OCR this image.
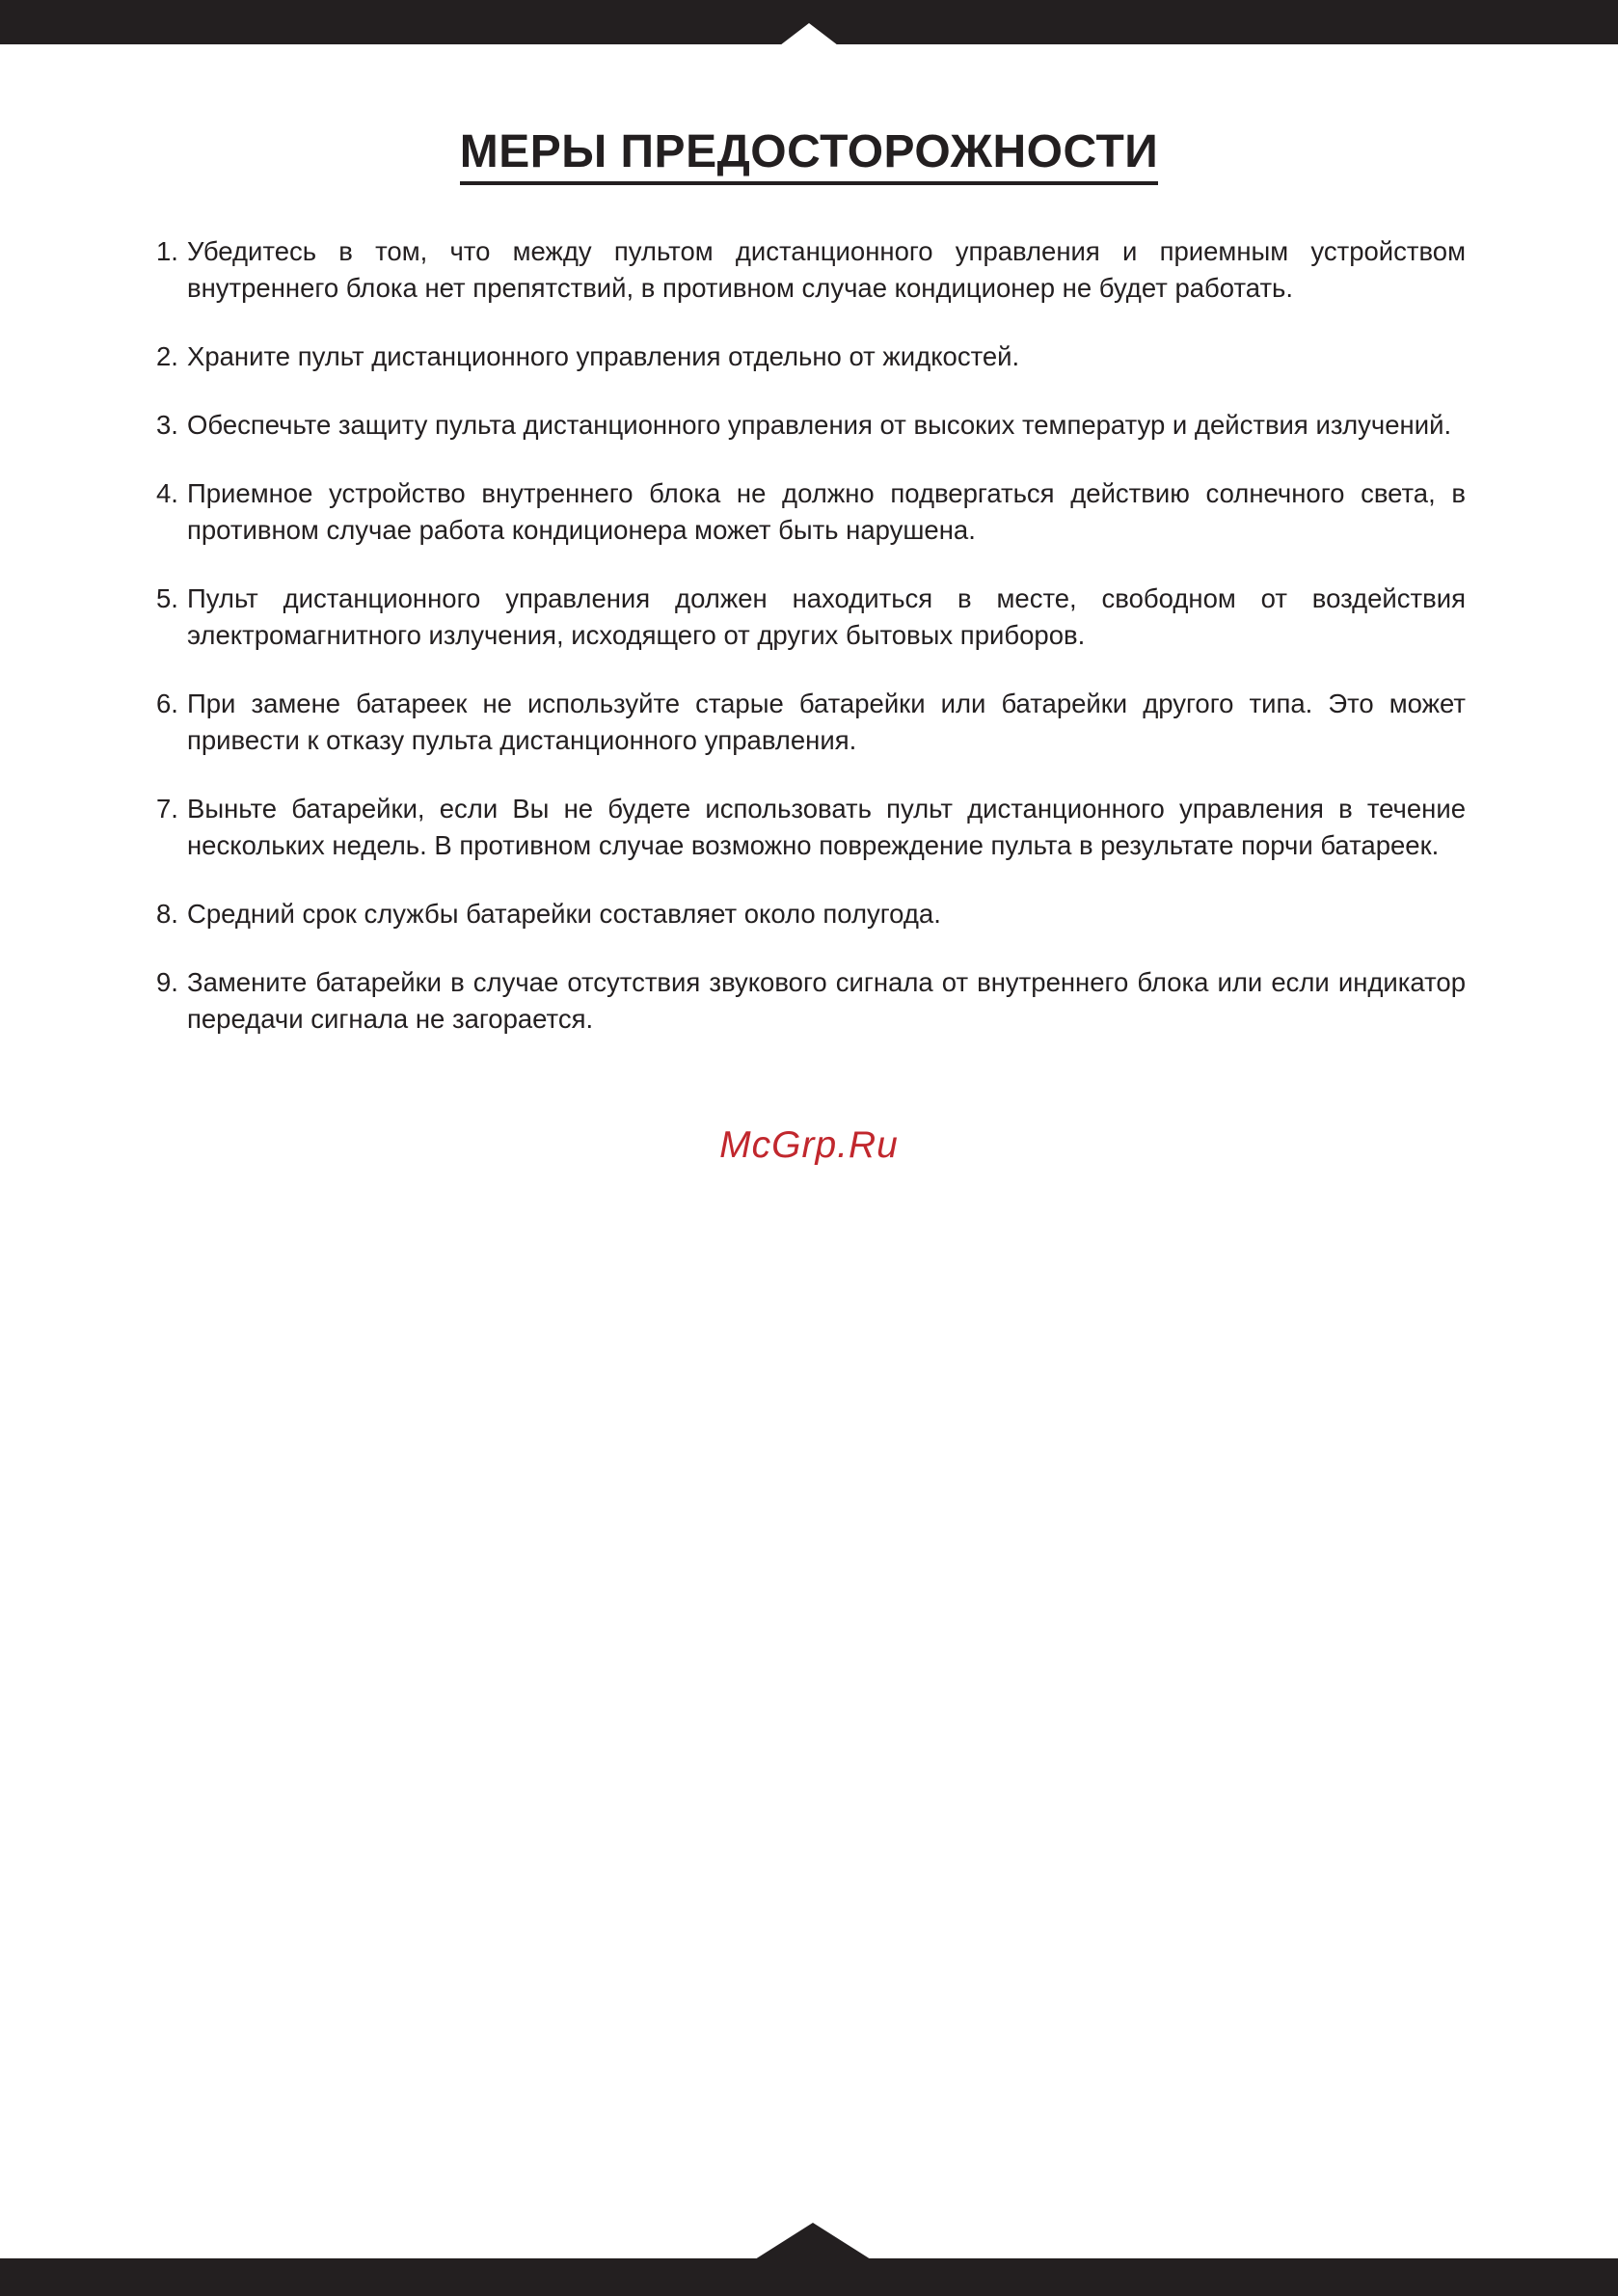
МЕРЫ ПРЕДОСТОРОЖНОСТИ
1. Убедитесь в том, что между пультом дистанционного управления и приемным устройством внутреннего блока нет препятствий, в противном случае кондиционер не будет работать.
2. Храните пульт дистанционного управления отдельно от жидкостей.
3. Обеспечьте защиту пульта дистанционного управления от высоких температур и действия излучений.
4. Приемное устройство внутреннего блока не должно подвергаться действию солнечного света, в противном случае работа кондиционера может быть нарушена.
5. Пульт дистанционного управления должен находиться в месте, свободном от воздействия электромагнитного излучения, исходящего от других бытовых приборов.
6. При замене батареек не используйте старые батарейки или батарейки другого типа. Это может привести к отказу пульта дистанционного управления.
7. Выньте батарейки, если Вы не будете использовать пульт дистанционного управления в течение нескольких недель. В противном случае возможно повреждение пульта в результате порчи батареек.
8. Средний срок службы батарейки составляет около полугода.
9. Замените батарейки в случае отсутствия звукового сигнала от внутреннего блока или если индикатор передачи сигнала не загорается.
McGrp.Ru
